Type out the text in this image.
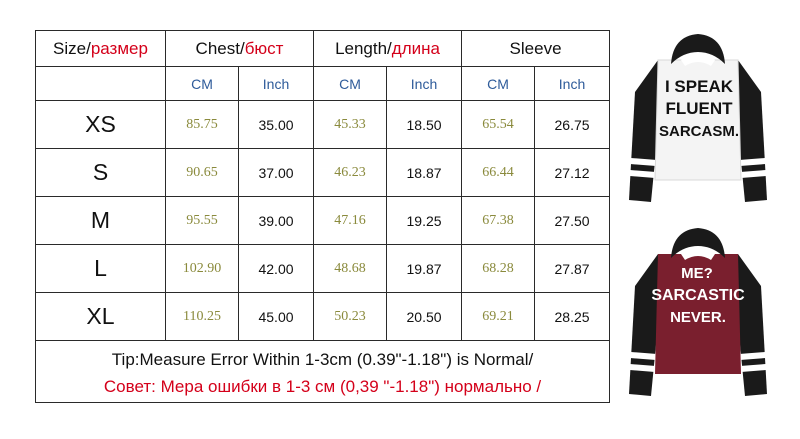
Size/размер	Chest/бюст		Length/длина		Sleeve	
	CM	Inch	CM	Inch	CM	Inch
XS	85.75	35.00	45.33	18.50	65.54	26.75
S	90.65	37.00	46.23	18.87	66.44	27.12
M	95.55	39.00	47.16	19.25	67.38	27.50
L	102.90	42.00	48.68	19.87	68.28	27.87
XL	110.25	45.00	50.23	20.50	69.21	28.25

Tip:Measure Error Within 1-3cm (0.39"-1.18") is Normal/
Совет: Мера ошибки в 1-3 см (0,39 "-1.18") нормально /						
I SPEAK
FLUENT
SARCASM.
ME?
SARCASTIC
NEVER.
